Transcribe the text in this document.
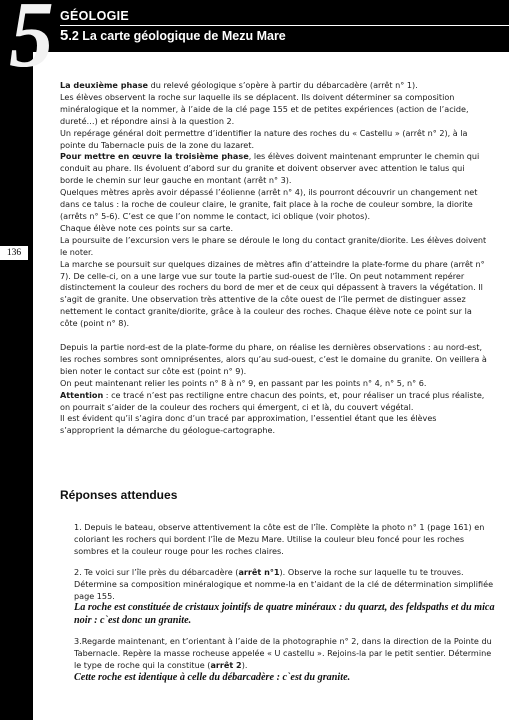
5 GÉOLOGIE
5.2 La carte géologique de Mezu Mare
136

La deuxième phase du relevé géologique s’opère à partir du débarcadère (arrêt n° 1).

Les élèves observent la roche sur laquelle ils se déplacent. Ils doivent déterminer sa composition minéralogique et la nommer, à l’aide de la clé page 155 et de petites expériences (action de l’acide, dureté…) et répondre ainsi à la question 2.

Un repérage général doit permettre d’identifier la nature des roches du « Castellu » (arrêt n° 2), à la pointe du Tabernacle puis de la zone du lazaret.

Pour mettre en œuvre la troisième phase, les élèves doivent maintenant emprunter le chemin qui conduit au phare. Ils évoluent d’abord sur du granite et doivent observer avec attention le talus qui borde le chemin sur leur gauche en montant (arrêt n° 3).

Quelques mètres après avoir dépassé l’éolienne (arrêt n° 4), ils pourront découvrir un changement net dans ce talus : la roche de couleur claire, le granite, fait place à la roche de couleur sombre, la diorite (arrêts n° 5-6). C’est ce que l’on nomme le contact, ici oblique (voir photos).

Chaque élève note ces points sur sa carte.

La poursuite de l’excursion vers le phare se déroule le long du contact granite/diorite. Les élèves doivent le noter.

La marche se poursuit sur quelques dizaines de mètres afin d’atteindre la plate-forme du phare (arrêt n° 7). De celle-ci, on a une large vue sur toute la partie sud-ouest de l’île. On peut notamment repérer distinctement la couleur des rochers du bord de mer et de ceux qui dépassent à travers la végétation. Il s’agit de granite. Une observation très attentive de la côte ouest de l’île permet de distinguer assez nettement le contact granite/diorite, grâce à la couleur des roches. Chaque élève note ce point sur la côte (point n° 8).

Depuis la partie nord-est de la plate-forme du phare, on réalise les dernières observations : au nord-est, les roches sombres sont omniprésentes, alors qu’au sud-ouest, c’est le domaine du granite. On veillera à bien noter le contact sur côte est (point n° 9).

On peut maintenant relier les points n° 8 à n° 9, en passant par les points n° 4, n° 5, n° 6.

Attention : ce tracé n’est pas rectiligne entre chacun des points, et, pour réaliser un tracé plus réaliste, on pourrait s’aider de la couleur des rochers qui émergent, ci et là, du couvert végétal.

Il est évident qu’il s’agira donc d’un tracé par approximation, l’essentiel étant que les élèves s’approprient la démarche du géologue-cartographe.

Réponses attendues

1. Depuis le bateau, observe attentivement la côte est de l’île. Complète la photo n° 1 (page 161) en coloriant les rochers qui bordent l’île de Mezu Mare. Utilise la couleur bleu foncé pour les roches sombres et la couleur rouge pour les roches claires.

2. Te voici sur l’île près du débarcadère (arrêt n°1). Observe la roche sur laquelle tu te trouves. Détermine sa composition minéralogique et nomme-la en t’aidant de la clé de détermination simplifiée page 155.

La roche est constituée de cristaux jointifs de quatre minéraux : du quarzt, des feldspaths et du mica noir : c`est donc un granite.

3.Regarde maintenant, en t’orientant à l’aide de la photographie n° 2, dans la direction de la Pointe du Tabernacle. Repère la masse rocheuse appelée « U castellu ». Rejoins-la par le petit sentier. Détermine le type de roche qui la constitue (arrêt 2).

Cette roche est identique à celle du débarcadère : c`est du granite.
